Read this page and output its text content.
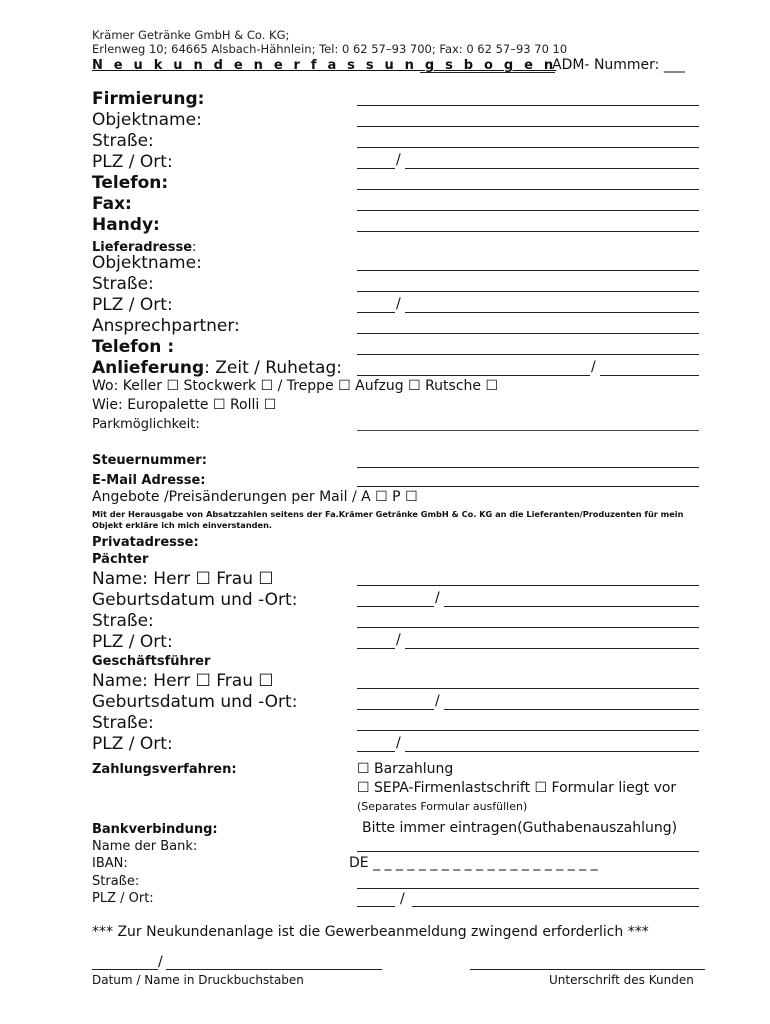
Krämer Getränke GmbH & Co. KG;
Erlenweg 10; 64665 Alsbach-Hähnlein; Tel: 0 62 57–93 700; Fax: 0 62 57–93 70 10
N e u k u n d e n e r f a s s u n g s b o g e n
ADM- Nummer: ___
Firmierung:
Objektname:
Straße:
PLZ / Ort:	/
Telefon:
Fax:
Handy:
Lieferadresse:
Objektname:
Straße:
PLZ / Ort:	/
Ansprechpartner:
Telefon :
Anlieferung: Zeit / Ruhetag:	/
Wo: Keller ☐ Stockwerk ☐ / Treppe ☐ Aufzug ☐ Rutsche ☐
Wie: Europalette ☐ Rolli ☐
Parkmöglichkeit:
Steuernummer:
E-Mail Adresse:
Angebote /Preisänderungen per Mail / A ☐ P ☐
Mit der Herausgabe von Absatzzahlen seitens der Fa.Krämer Getränke GmbH & Co. KG an die Lieferanten/Produzenten für mein Objekt erkläre ich mich einverstanden.
Privatadresse:
Pächter
Name: Herr ☐ Frau ☐
Geburtsdatum und -Ort:	/
Straße:
PLZ / Ort:	/
Geschäftsführer
Name: Herr ☐ Frau ☐
Geburtsdatum und -Ort:	/
Straße:
PLZ / Ort:	/
Zahlungsverfahren:	☐ Barzahlung
☐ SEPA-Firmenlastschrift ☐ Formular liegt vor
(Separates Formular ausfüllen)
Bankverbindung:	Bitte immer eintragen(Guthabenauszahlung)
Name der Bank:
IBAN:	DE _ _ _ _ _ _ _ _ _ _ _ _ _ _ _ _ _ _ _ _
Straße:
PLZ / Ort:	/
*** Zur Neukundenanlage ist die Gewerbeanmeldung zwingend erforderlich ***
/
Datum / Name in Druckbuchstaben	Unterschrift des Kunden
